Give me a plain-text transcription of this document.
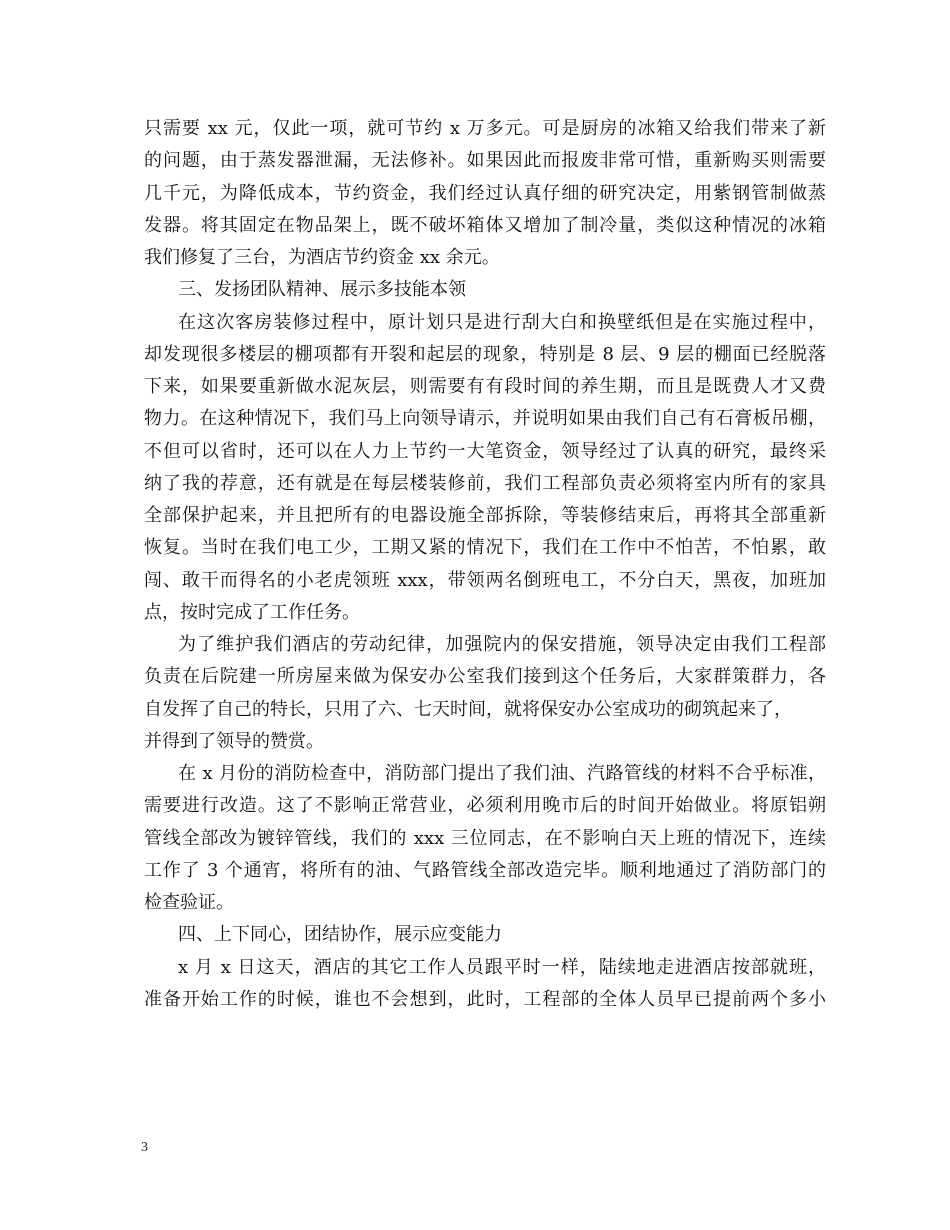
只需要 xx 元，仅此一项，就可节约 x 万多元。可是厨房的冰箱又给我们带来了新
的问题，由于蒸发器泄漏，无法修补。如果因此而报废非常可惜，重新购买则需要
几千元，为降低成本，节约资金，我们经过认真仔细的研究决定，用紫钢管制做蒸
发器。将其固定在物品架上，既不破坏箱体又增加了制冷量，类似这种情况的冰箱
我们修复了三台，为酒店节约资金 xx 余元。
三、发扬团队精神、展示多技能本领
在这次客房装修过程中，原计划只是进行刮大白和换壁纸但是在实施过程中，
却发现很多楼层的棚项都有开裂和起层的现象，特别是 8 层、9 层的棚面已经脱落
下来，如果要重新做水泥灰层，则需要有有段时间的养生期，而且是既费人才又费
物力。在这种情况下，我们马上向领导请示，并说明如果由我们自己有石膏板吊棚，
不但可以省时，还可以在人力上节约一大笔资金，领导经过了认真的研究，最终采
纳了我的荐意，还有就是在每层楼装修前，我们工程部负责必须将室内所有的家具
全部保护起来，并且把所有的电器设施全部拆除，等装修结束后，再将其全部重新
恢复。当时在我们电工少，工期又紧的情况下，我们在工作中不怕苦，不怕累，敢
闯、敢干而得名的小老虎领班 xxx，带领两名倒班电工，不分白天，黑夜，加班加
点，按时完成了工作任务。
为了维护我们酒店的劳动纪律，加强院内的保安措施，领导决定由我们工程部
负责在后院建一所房屋来做为保安办公室我们接到这个任务后，大家群策群力，各
自发挥了自己的特长，只用了六、七天时间，就将保安办公室成功的砌筑起来了，
并得到了领导的赞赏。
在 x 月份的消防检查中，消防部门提出了我们油、汽路管线的材料不合乎标准，
需要进行改造。这了不影响正常营业，必须利用晚市后的时间开始做业。将原铝朔
管线全部改为镀锌管线，我们的 xxx 三位同志，在不影响白天上班的情况下，连续
工作了 3 个通宵，将所有的油、气路管线全部改造完毕。顺利地通过了消防部门的
检查验证。
四、上下同心，团结协作，展示应变能力
x 月 x 日这天，酒店的其它工作人员跟平时一样，陆续地走进酒店按部就班，
准备开始工作的时候，谁也不会想到，此时，工程部的全体人员早已提前两个多小
3
